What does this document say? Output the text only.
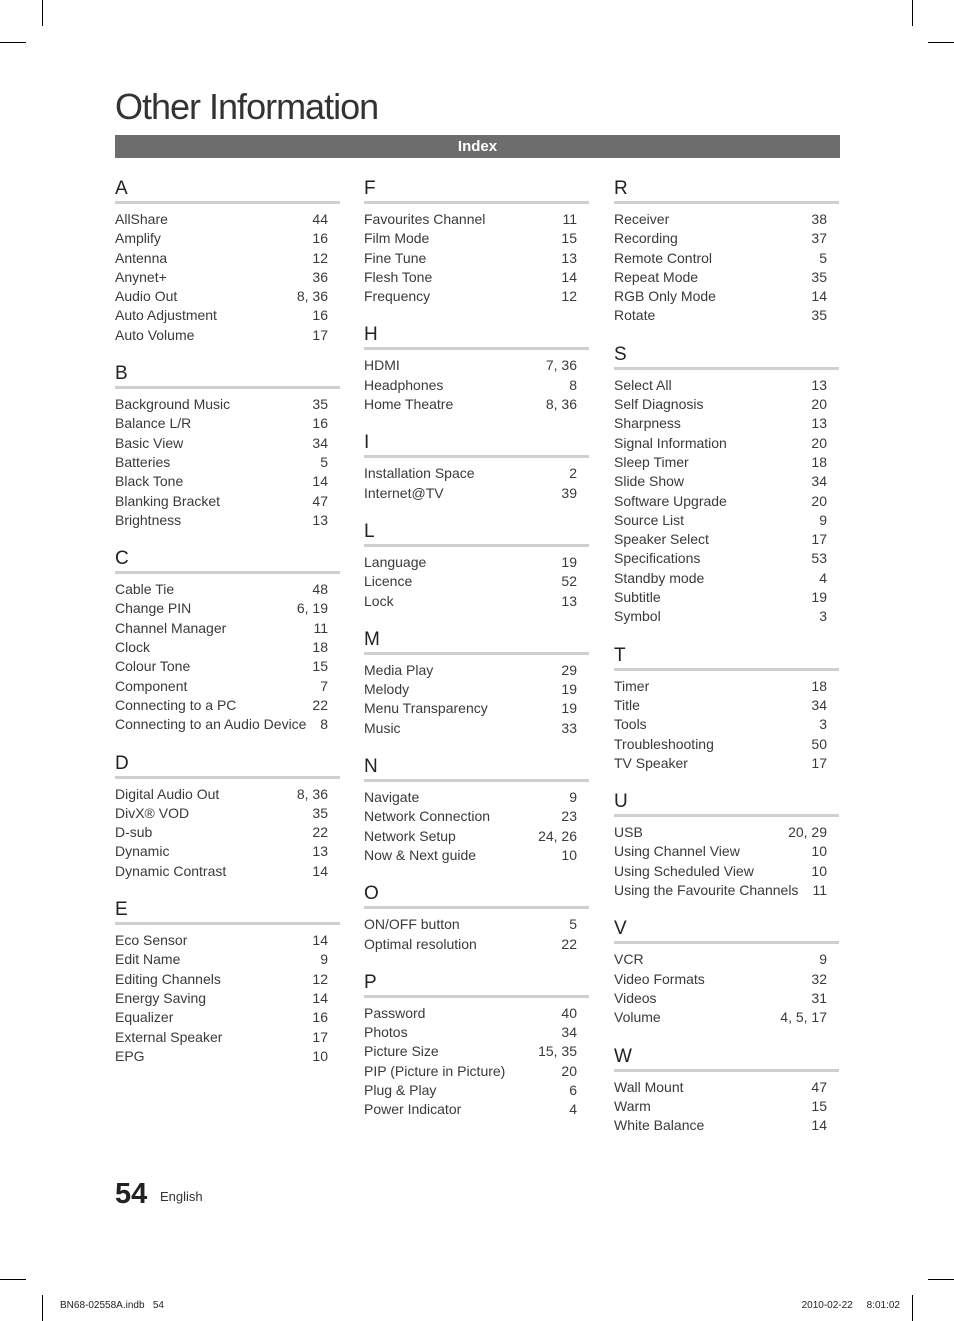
Other Information
Index
A
AllShare	44
Amplify	16
Antenna	12
Anynet+	36
Audio Out	8, 36
Auto Adjustment	16
Auto Volume	17
B
Background Music	35
Balance L/R	16
Basic View	34
Batteries	5
Black Tone	14
Blanking Bracket	47
Brightness	13
C
Cable Tie	48
Change PIN	6, 19
Channel Manager	11
Clock	18
Colour Tone	15
Component	7
Connecting to a PC	22
Connecting to an Audio Device 8
D
Digital Audio Out	8, 36
DivX® VOD	35
D-sub	22
Dynamic	13
Dynamic Contrast	14
E
Eco Sensor	14
Edit Name	9
Editing Channels	12
Energy Saving	14
Equalizer	16
External Speaker	17
EPG	10
F
Favourites Channel	11
Film Mode	15
Fine Tune	13
Flesh Tone	14
Frequency	12
H
HDMI	7, 36
Headphones	8
Home Theatre	8, 36
I
Installation Space	2
Internet@TV	39
L
Language	19
Licence	52
Lock	13
M
Media Play	29
Melody	19
Menu Transparency	19
Music	33
N
Navigate	9
Network Connection	23
Network Setup	24, 26
Now & Next guide	10
O
ON/OFF button	5
Optimal resolution	22
P
Password	40
Photos	34
Picture Size	15, 35
PIP (Picture in Picture)	20
Plug & Play	6
Power Indicator	4
R
Receiver	38
Recording	37
Remote Control	5
Repeat Mode	35
RGB Only Mode	14
Rotate	35
S
Select All	13
Self Diagnosis	20
Sharpness	13
Signal Information	20
Sleep Timer	18
Slide Show	34
Software Upgrade	20
Source List	9
Speaker Select	17
Specifications	53
Standby mode	4
Subtitle	19
Symbol	3
T
Timer	18
Title	34
Tools	3
Troubleshooting	50
TV Speaker	17
U
USB	20, 29
Using Channel View	10
Using Scheduled View	10
Using the Favourite Channels 11
V
VCR	9
Video Formats	32
Videos	31
Volume	4, 5, 17
W
Wall Mount	47
Warm	15
White Balance	14
54 English
BN68-02558A.indb   54	2010-02-22     8:01:02
